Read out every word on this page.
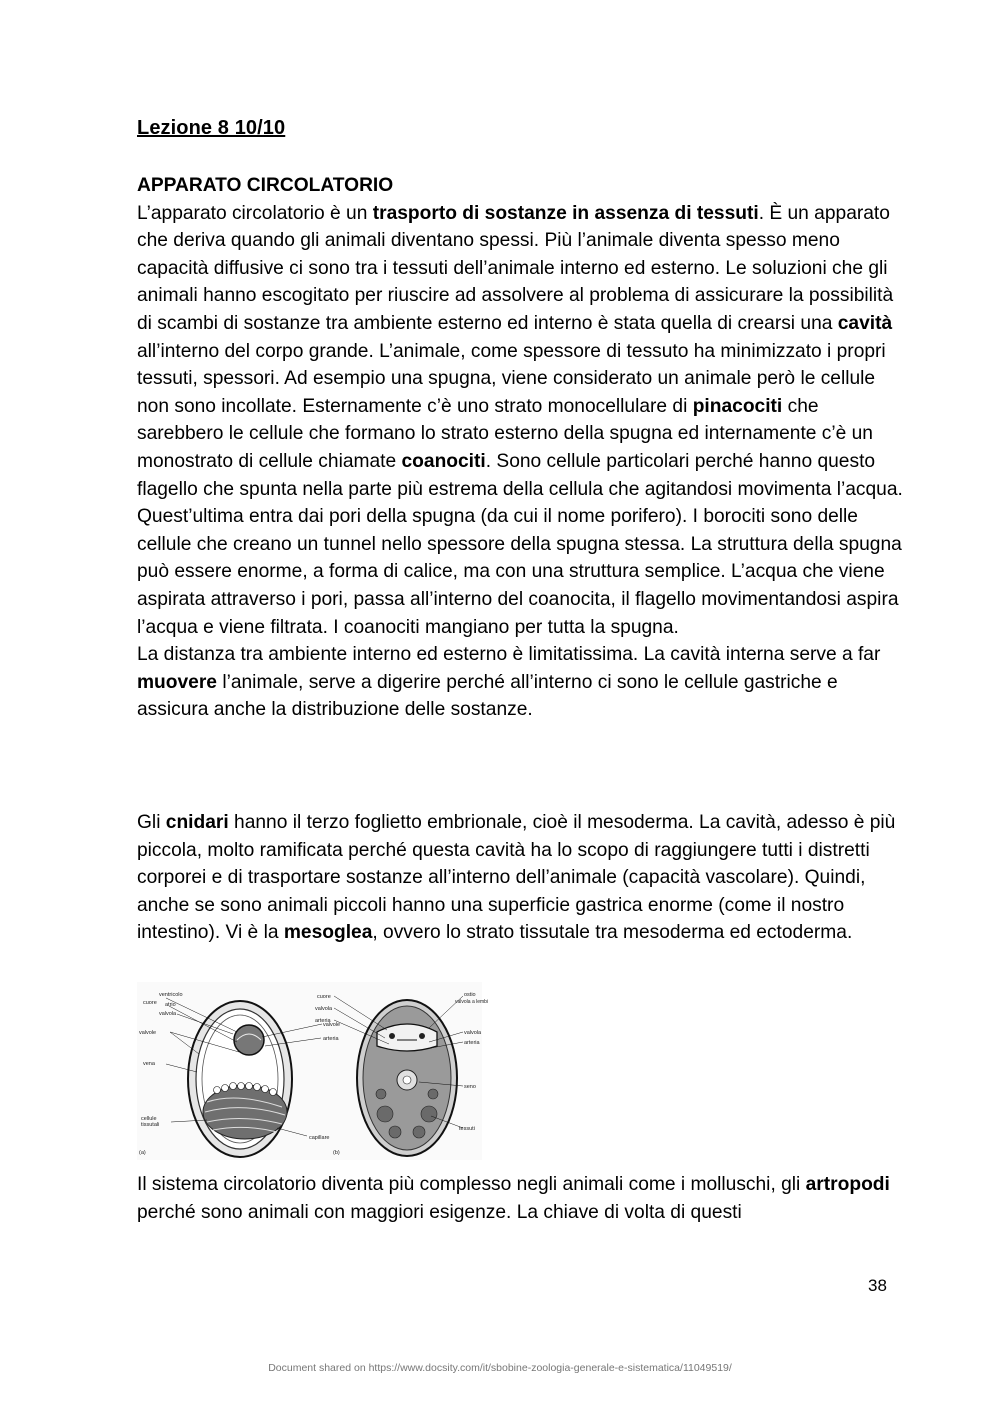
Lezione 8 10/10

APPARATO CIRCOLATORIO

L’apparato circolatorio è un trasporto di sostanze in assenza di tessuti. È un apparato che deriva quando gli animali diventano spessi. Più l’animale diventa spesso meno capacità diffusive ci sono tra i tessuti dell’animale interno ed esterno. Le soluzioni che gli animali hanno escogitato per riuscire ad assolvere al problema di assicurare la possibilità di scambi di sostanze tra ambiente esterno ed interno è stata quella di crearsi una cavità all’interno del corpo grande. L’animale, come spessore di tessuto ha minimizzato i propri tessuti, spessori. Ad esempio una spugna, viene considerato un animale però le cellule non sono incollate. Esternamente c’è uno strato monocellulare di pinacociti che sarebbero le cellule che formano lo strato esterno della spugna ed internamente c’è un monostrato di cellule chiamate coanociti. Sono cellule particolari perché hanno questo flagello che spunta nella parte più estrema della cellula che agitandosi movimenta l’acqua. Quest’ultima entra dai pori della spugna (da cui il nome porifero). I borociti sono delle cellule che creano un tunnel nello spessore della spugna stessa. La struttura della spugna può essere enorme, a forma di calice, ma con una struttura semplice. L’acqua che viene aspirata attraverso i pori, passa all’interno del coanocita, il flagello movimentandosi aspira l’acqua e viene filtrata. I coanociti mangiano per tutta la spugna.

La distanza tra ambiente interno ed esterno è limitatissima. La cavità interna serve a far muovere l’animale, serve a digerire perché all’interno ci sono le cellule gastriche e assicura anche la distribuzione delle sostanze.

Gli cnidari hanno il terzo foglietto embrionale, cioè il mesoderma. La cavità, adesso è più piccola, molto ramificata perché questa cavità ha lo scopo di raggiungere tutti i distretti corporei e di trasportare sostanze all’interno dell’animale (capacità vascolare). Quindi, anche se sono animali piccoli hanno una superficie gastrica enorme (come il nostro intestino). Vi è la mesoglea, ovvero lo strato tissutale tra mesoderma ed ectoderma.

cuore
ventricolo
atrio
valvola
valvole
arteria
valvole
vena
cellule
tissutali
capillare
(a)
cuore
valvola
arteria
ostio
valvola a lembi
valvola
arteria
seno
tessuti
(b)

Il sistema circolatorio diventa più complesso negli animali come i molluschi, gli artropodi perché sono animali con maggiori esigenze. La chiave di volta di questi

38
Document shared on https://www.docsity.com/it/sbobine-zoologia-generale-e-sistematica/11049519/
